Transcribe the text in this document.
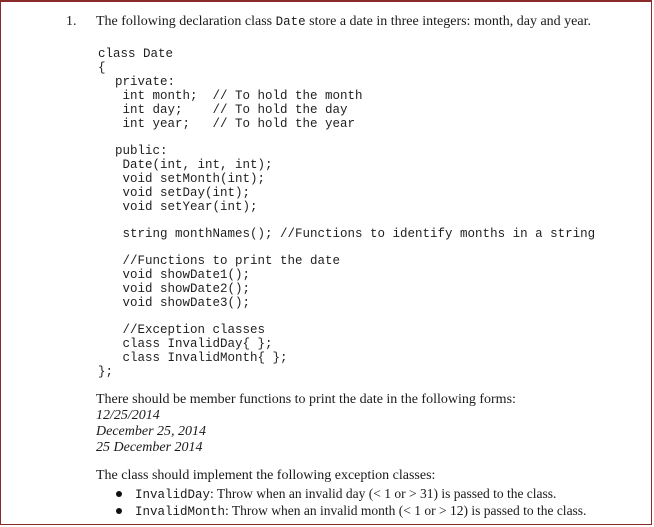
1. The following declaration class Date store a date in three integers: month, day and year.
class Date
{
private:
int month;  // To hold the month
int day;    // To hold the day
int year;   // To hold the year
public:
Date(int, int, int);
void setMonth(int);
void setDay(int);
void setYear(int);
string monthNames(); //Functions to identify months in a string
//Functions to print the date
void showDate1();
void showDate2();
void showDate3();
//Exception classes
class InvalidDay{ };
class InvalidMonth{ };
};
There should be member functions to print the date in the following forms:
12/25/2014
December 25, 2014
25 December 2014
The class should implement the following exception classes:
InvalidDay: Throw when an invalid day (< 1 or > 31) is passed to the class.
InvalidMonth: Throw when an invalid month (< 1 or > 12) is passed to the class.
